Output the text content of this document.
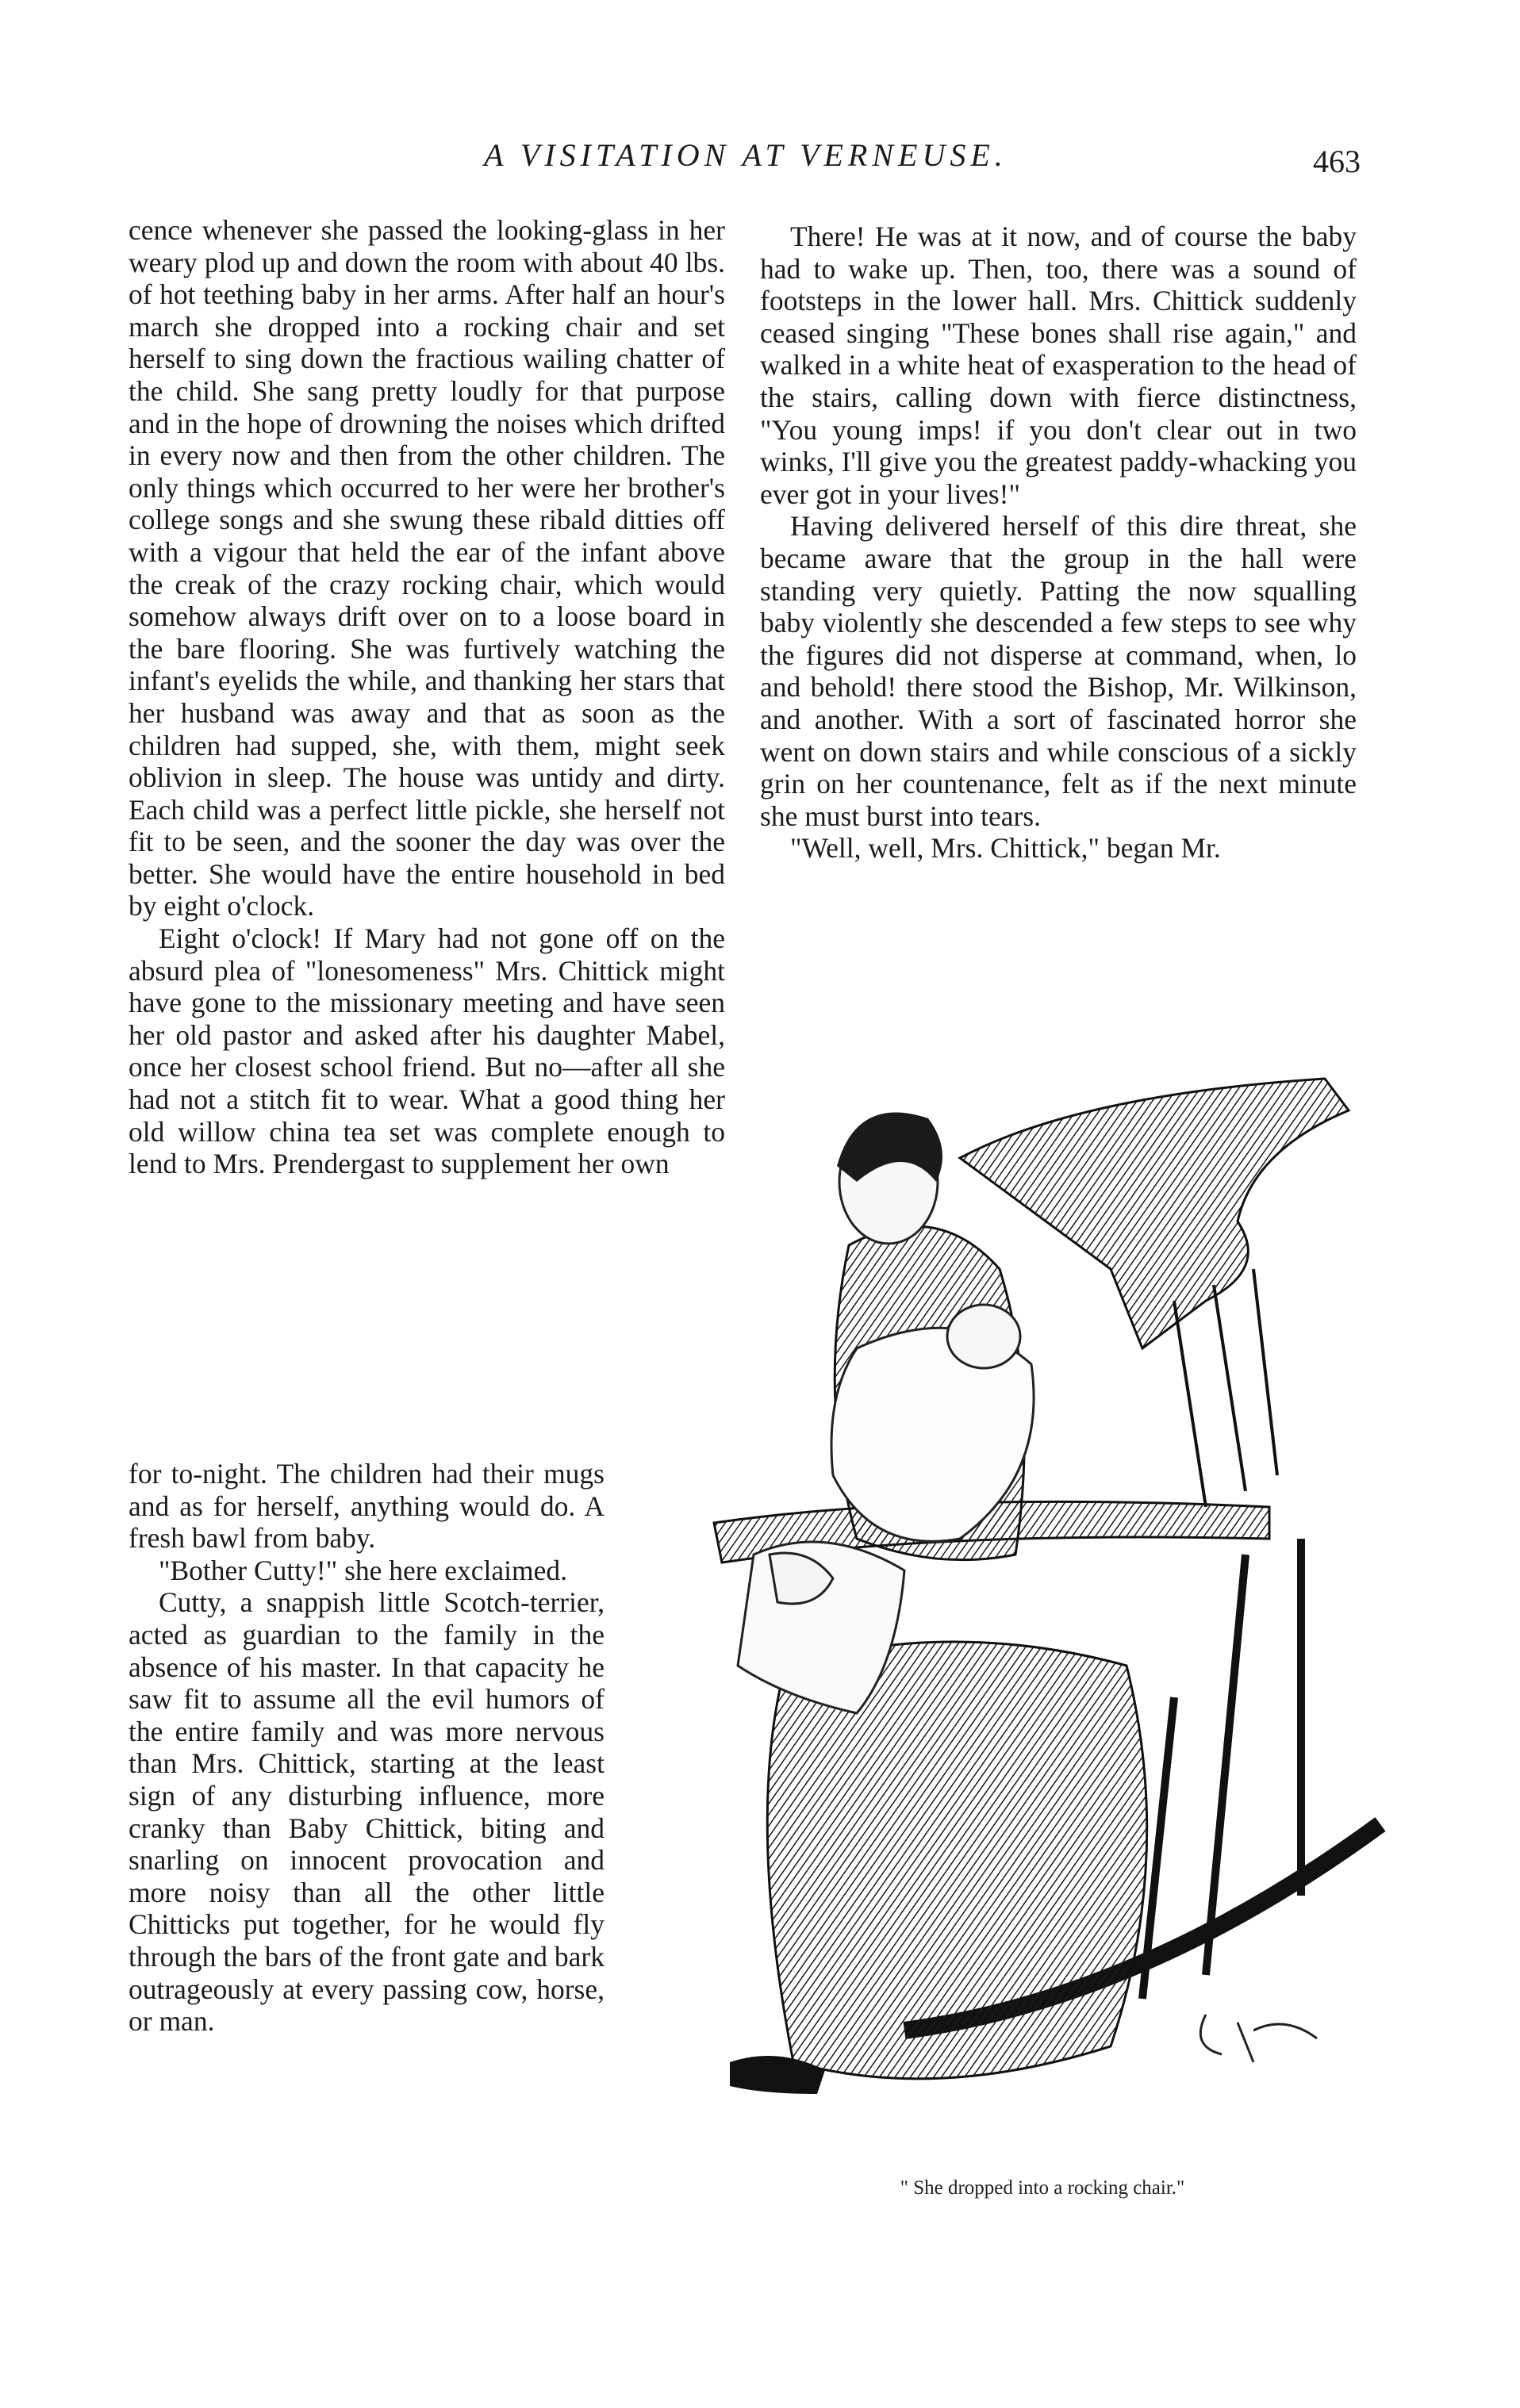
A VISITATION AT VERNEUSE.	463

cence whenever she passed the looking-glass in her weary plod up and down the room with about 40 lbs. of hot teething baby in her arms. After half an hour's march she dropped into a rocking chair and set herself to sing down the fractious wailing chatter of the child. She sang pretty loudly for that purpose and in the hope of drowning the noises which drifted in every now and then from the other children. The only things which occurred to her were her brother's college songs and she swung these ribald ditties off with a vigour that held the ear of the infant above the creak of the crazy rocking chair, which would somehow always drift over on to a loose board in the bare flooring. She was furtively watching the infant's eyelids the while, and thanking her stars that her husband was away and that as soon as the children had supped, she, with them, might seek oblivion in sleep. The house was untidy and dirty. Each child was a perfect little pickle, she herself not fit to be seen, and the sooner the day was over the better. She would have the entire household in bed by eight o'clock.

Eight o'clock! If Mary had not gone off on the absurd plea of "lonesomeness" Mrs. Chittick might have gone to the missionary meeting and have seen her old pastor and asked after his daughter Mabel, once her closest school friend. But no—after all she had not a stitch fit to wear. What a good thing her old willow china tea set was complete enough to lend to Mrs. Prendergast to supplement her own

for to-night. The children had their mugs and as for herself, anything would do. A fresh bawl from baby.

"Bother Cutty!" she here exclaimed.

Cutty, a snappish little Scotch-terrier, acted as guardian to the family in the absence of his master. In that capacity he saw fit to assume all the evil humors of the entire family and was more nervous than Mrs. Chittick, starting at the least sign of any disturbing influence, more cranky than Baby Chittick, biting and snarling on innocent provocation and more noisy than all the other little Chitticks put together, for he would fly through the bars of the front gate and bark outrageously at every passing cow, horse, or man.

There! He was at it now, and of course the baby had to wake up. Then, too, there was a sound of footsteps in the lower hall. Mrs. Chittick suddenly ceased singing "These bones shall rise again," and walked in a white heat of exasperation to the head of the stairs, calling down with fierce distinctness, "You young imps! if you don't clear out in two winks, I'll give you the greatest paddy-whacking you ever got in your lives!"

Having delivered herself of this dire threat, she became aware that the group in the hall were standing very quietly. Patting the now squalling baby violently she descended a few steps to see why the figures did not disperse at command, when, lo and behold! there stood the Bishop, Mr. Wilkinson, and another. With a sort of fascinated horror she went on down stairs and while conscious of a sickly grin on her countenance, felt as if the next minute she must burst into tears.

"Well, well, Mrs. Chittick," began Mr.

" She dropped into a rocking chair."
